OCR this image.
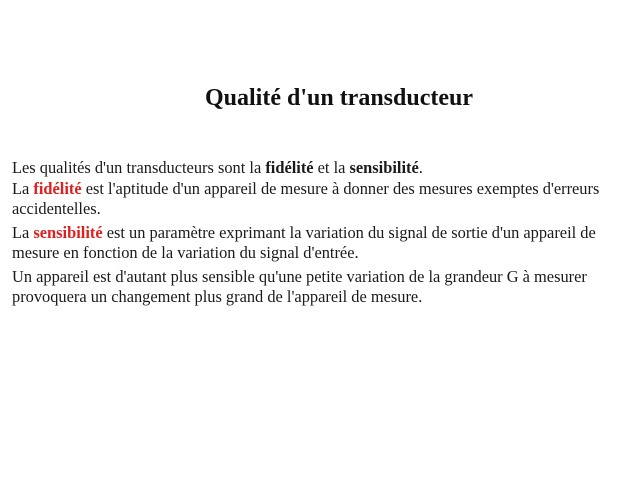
Qualité d'un transducteur

Les qualités d'un transducteurs sont la fidélité et la sensibilité.

La fidélité est l'aptitude d'un appareil de mesure à donner des mesures exemptes d'erreurs accidentelles.

La sensibilité est un paramètre exprimant la variation du signal de sortie d'un appareil de mesure en fonction de la variation du signal d'entrée.

Un appareil est d'autant plus sensible qu'une petite variation de la grandeur G à mesurer provoquera un changement plus grand de l'appareil de mesure.
